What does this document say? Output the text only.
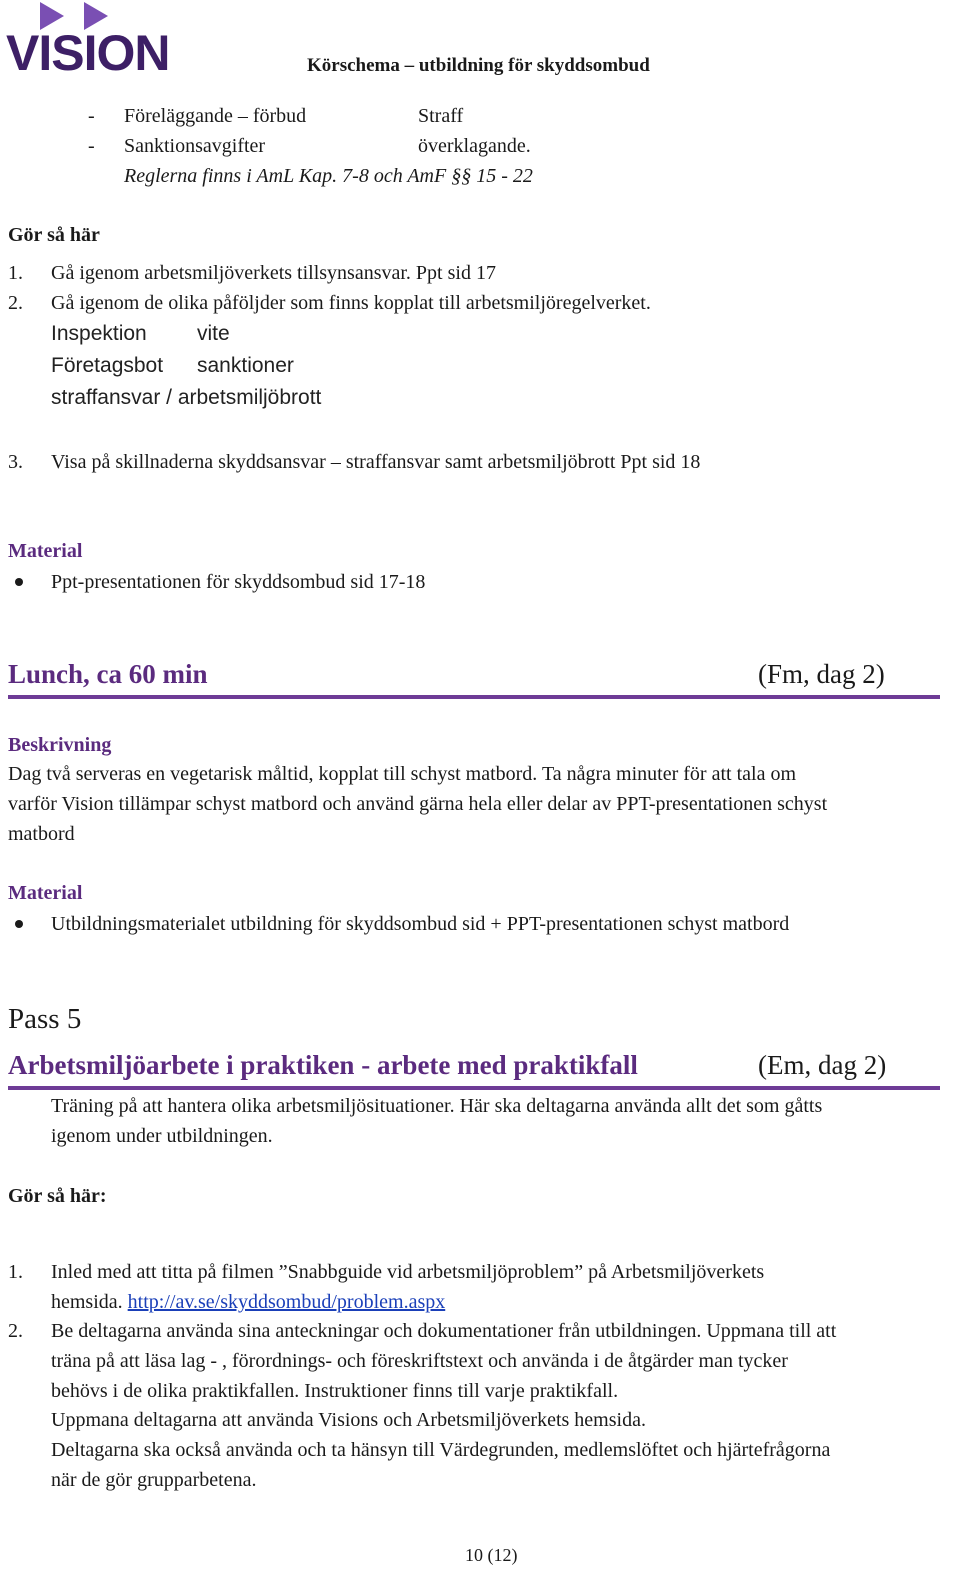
VISION	Körschema – utbildning för skyddsombud
- Föreläggande – förbud	Straff
- Sanktionsavgifter	överklagande.
Reglerna finns i AmL Kap. 7-8 och AmF §§ 15 - 22
Gör så här
1. Gå igenom arbetsmiljöverkets tillsynsansvar. Ppt sid 17
2. Gå igenom de olika påföljder som finns kopplat till arbetsmiljöregelverket.
Inspektion vite
Företagsbot sanktioner
straffansvar / arbetsmiljöbrott
3. Visa på skillnaderna skyddsansvar – straffansvar samt arbetsmiljöbrott Ppt sid 18
Material
Ppt-presentationen för skyddsombud sid 17-18
Lunch, ca 60 min	(Fm, dag 2)
Beskrivning
Dag två serveras en vegetarisk måltid, kopplat till schyst matbord. Ta några minuter för att tala om
varför Vision tillämpar schyst matbord och använd gärna hela eller delar av PPT-presentationen schyst
matbord
Material
Utbildningsmaterialet utbildning för skyddsombud sid + PPT-presentationen schyst matbord
Pass 5
Arbetsmiljöarbete i praktiken - arbete med praktikfall	(Em, dag 2)
Träning på att hantera olika arbetsmiljösituationer. Här ska deltagarna använda allt det som gåtts
igenom under utbildningen.
Gör så här:
1. Inled med att titta på filmen ”Snabbguide vid arbetsmiljöproblem” på Arbetsmiljöverkets
hemsida. http://av.se/skyddsombud/problem.aspx
2. Be deltagarna använda sina anteckningar och dokumentationer från utbildningen. Uppmana till att
träna på att läsa lag - , förordnings- och föreskriftstext och använda i de åtgärder man tycker
behövs i de olika praktikfallen. Instruktioner finns till varje praktikfall.
Uppmana deltagarna att använda Visions och Arbetsmiljöverkets hemsida.
Deltagarna ska också använda och ta hänsyn till Värdegrunden, medlemslöftet och hjärtefrågorna
när de gör grupparbetena.
10 (12)
